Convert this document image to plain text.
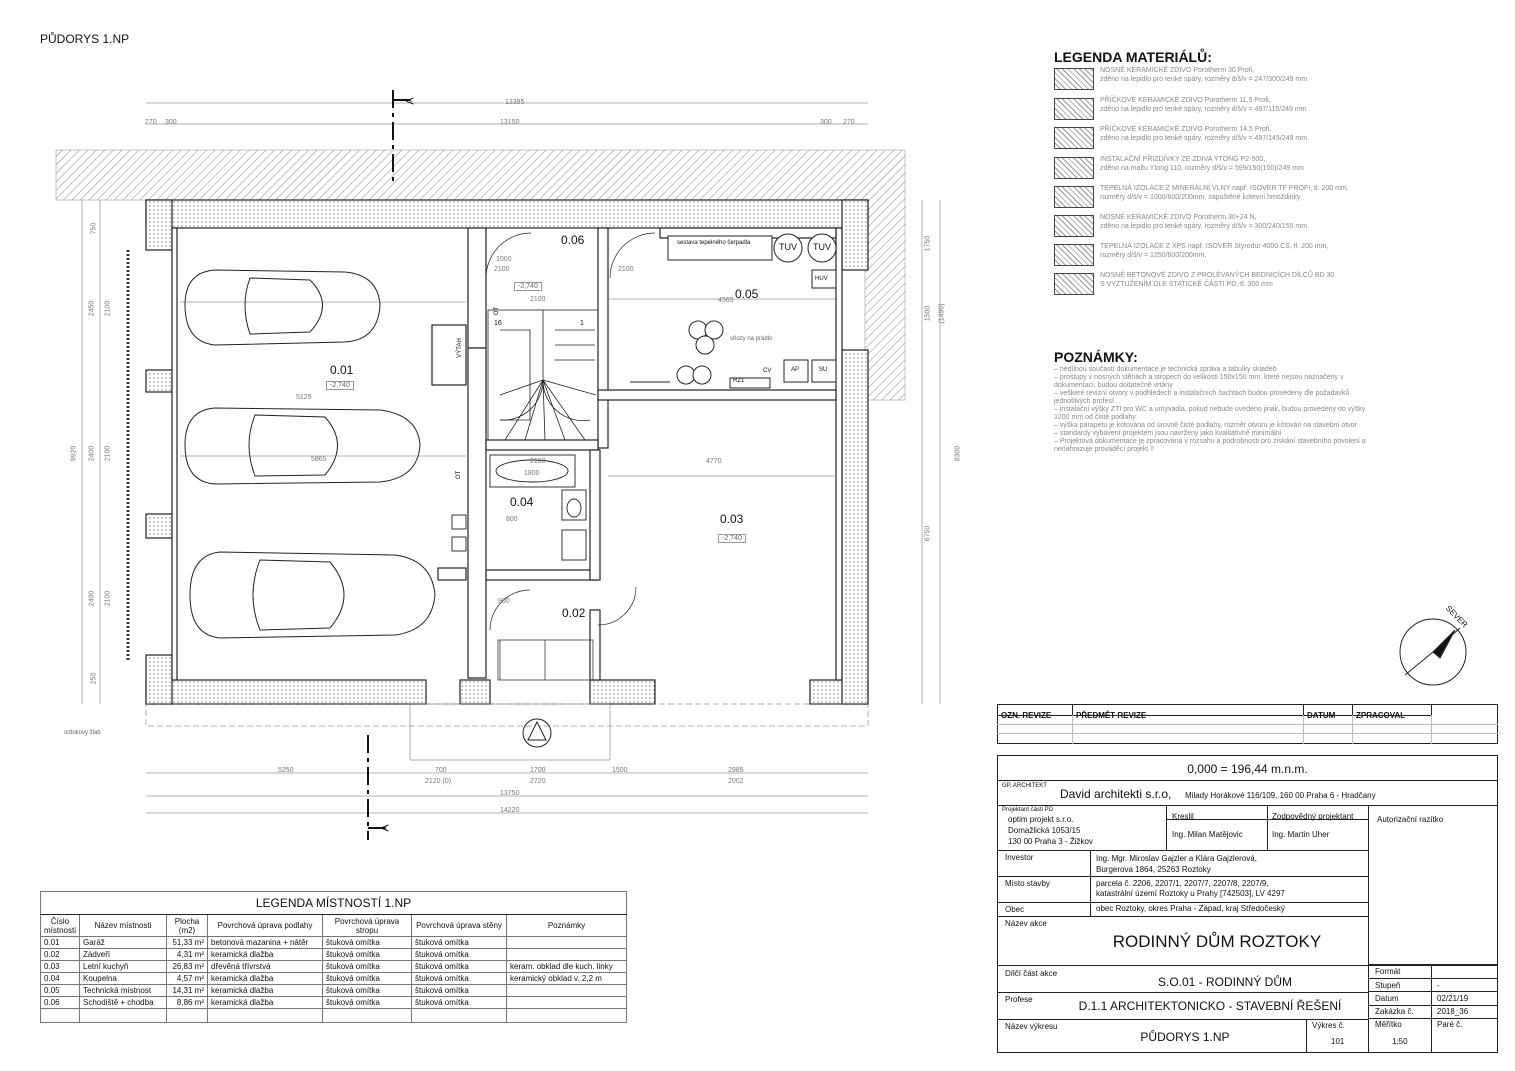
PŮDORYS 1.NP
A
A
13385
13150
270 300	300 270
5250	700	1700	1500	2985
2120 (0)	2720	2002
13750
14220
750
2450 2100
2400 2100
2400 2100
250
9920
1750
1500 (1490)
6750
8300
2100
4770
4565
5125
5865
1000
2100	2100
900
2100
800
1800
0.01
-2,740
0.02
0.03
-2,740
0.04
0.05
0.06
-2,740
sestava tepelného čerpadla	TUV TUV
HUV
CV	AP	SU
RZ1
sňozy na prádlo
VÝTAH
OT
OT
16	1
odtokový žlab
SEVER
LEGENDA MATERIÁLŮ:
NOSNÉ KERAMICKÉ ZDIVO Porotherm 30 Profi,
zděno na lepidlo pro tenké spáry, rozměry d/š/v = 247/300/249 mm
PŘÍČKOVÉ KERAMICKÉ ZDIVO Porotherm 11,5 Profi,
zděno na lepidlo pro tenké spáry, rozměry d/š/v = 497/115/249 mm
PŘÍČKOVÉ KERAMICKÉ ZDIVO Porotherm 14,5 Profi,
zděno na lepidlo pro tenké spáry, rozměry d/š/v = 497/145/249 mm
INSTALAČNÍ PŘIZDÍVKY ZE ZDIVA YTONG P2-500,
zděno na maltu Ytong 110, rozměry d/š/v = 599/150(100)/249 mm
TEPELNÁ IZOLACE Z MINERÁLNÍ VLNY např. ISOVER TF PROFI, tl. 200 mm,
rozměry d/š/v = 1000/600/200mm, zapuštěné kotevní hmoždinky
NOSNÉ KERAMICKÉ ZDIVO Porotherm 30+24 N,
zděno na lepidlo pro tenké spáry, rozměry d/š/v = 300/240/155 mm
TEPELNÁ IZOLACE Z XPS např. ISOVER Styrodur 4000 CS, tl. 200 mm,
rozměry d/š/v = 1250/600/200mm,
NOSNÉ BETONOVÉ ZDIVO Z PROLÉVANÝCH BEDNICÍCH DÍLCŮ BD 30
S VYZTUŽENÍM DLE STATICKÉ ČÁSTI PD, tl. 300 mm
POZNÁMKY:
– nedílnou součástí dokumentace je technická zpráva a tabulky skladeb
– prostupy v nosných stěnách a stropech do velikosti 150x150 mm, které nejsou naznačeny v
dokumentaci, budou dodatečně vrtány
– veškeré revizní otvory v podhledech a instalačních šachtách budou provedeny dle požadavků
jednotlivých profesí
– instalační výšky ZTI pro WC a umyvadla, pokud nebude uvedeno jinak, budou provedeny do výšky
1200 mm od čisté podlahy
– výška parapetu je kótována od úrovně čisté podlahy, rozměr otvoru je kótován na stavební otvor
– standardy vybavení projektem jsou navrženy jako kvalitativně minimální
– Projektová dokumentace je zpracována v rozsahu a podrobnosti pro získání stavebního povolení a
nenahrazuje prováděcí projekt !!
LEGENDA MÍSTNOSTÍ 1.NP						
Číslo místnosti	Název místnosti	Plocha (m2)	Povrchová úprava podlahy	Povrchová úprava stropu	Povrchová úprava stěny	Poznámky
0.01	Garáž	51,33 m²	betonová mazanina + nátěr	štuková omítka	štuková omítka	
0.02	Zádveří	4,31 m²	keramická dlažba	štuková omítka	štuková omítka	
0.03	Letní kuchyň	26,83 m²	dřevěná třívrstvá	štuková omítka	štuková omítka	keram. obklad dle kuch. linky
0.04	Koupelna	4,57 m²	keramická dlažba	štuková omítka	štuková omítka	keramický obklad v. 2,2 m
0.05	Technická místnost	14,31 m²	keramická dlažba	štuková omítka	štuková omítka	
0.06	Schodiště + chodba	8,86 m²	keramická dlažba	štuková omítka	štuková omítka	

OZN. REVIZE	PŘEDMĚT REVIZE	DATUM	ZPRACOVAL
0,000 = 196,44 m.n.m.
GP, ARCHITEKT
David architekti s.r.o, Milady Horákové 116/109, 160 00 Praha 6 - Hradčany
Projektant části PD
optim projekt s.r.o.
Domažlická 1053/15
130 00 Praha 3 - Žižkov
Kreslil	Zodpovědný projektant
$_{Ing. Milan Matějovic}$	$_{Ing. Martin Uher}$
Autorizační razítko
Investor	Ing. Mgr. Miroslav Gajzler a Klára Gajzlerová,
Burgerova 1864, 25263 Roztoky
Místo stavby	parcela č. 2206, 2207/1, 2207/7, 2207/8, 2207/9,
katastrální území Roztoky u Prahy [742503], LV 4297
Obec	obec Roztoky, okres Praha - Západ, kraj Středočeský
Název akce
RODINNÝ DŮM ROZTOKY
Dílčí část akce
S.O.01 - RODINNÝ DŮM
Profese	D.1.1 ARCHITEKTONICKO - STAVEBNÍ ŘEŠENÍ
Název výkresu
PŮDORYS 1.NP
Výkres č.
101
Formát
Stupeň	-
Datum	02/21/19
Zakázka č.	2018_36
Měřítko
1:50
Paré č.
